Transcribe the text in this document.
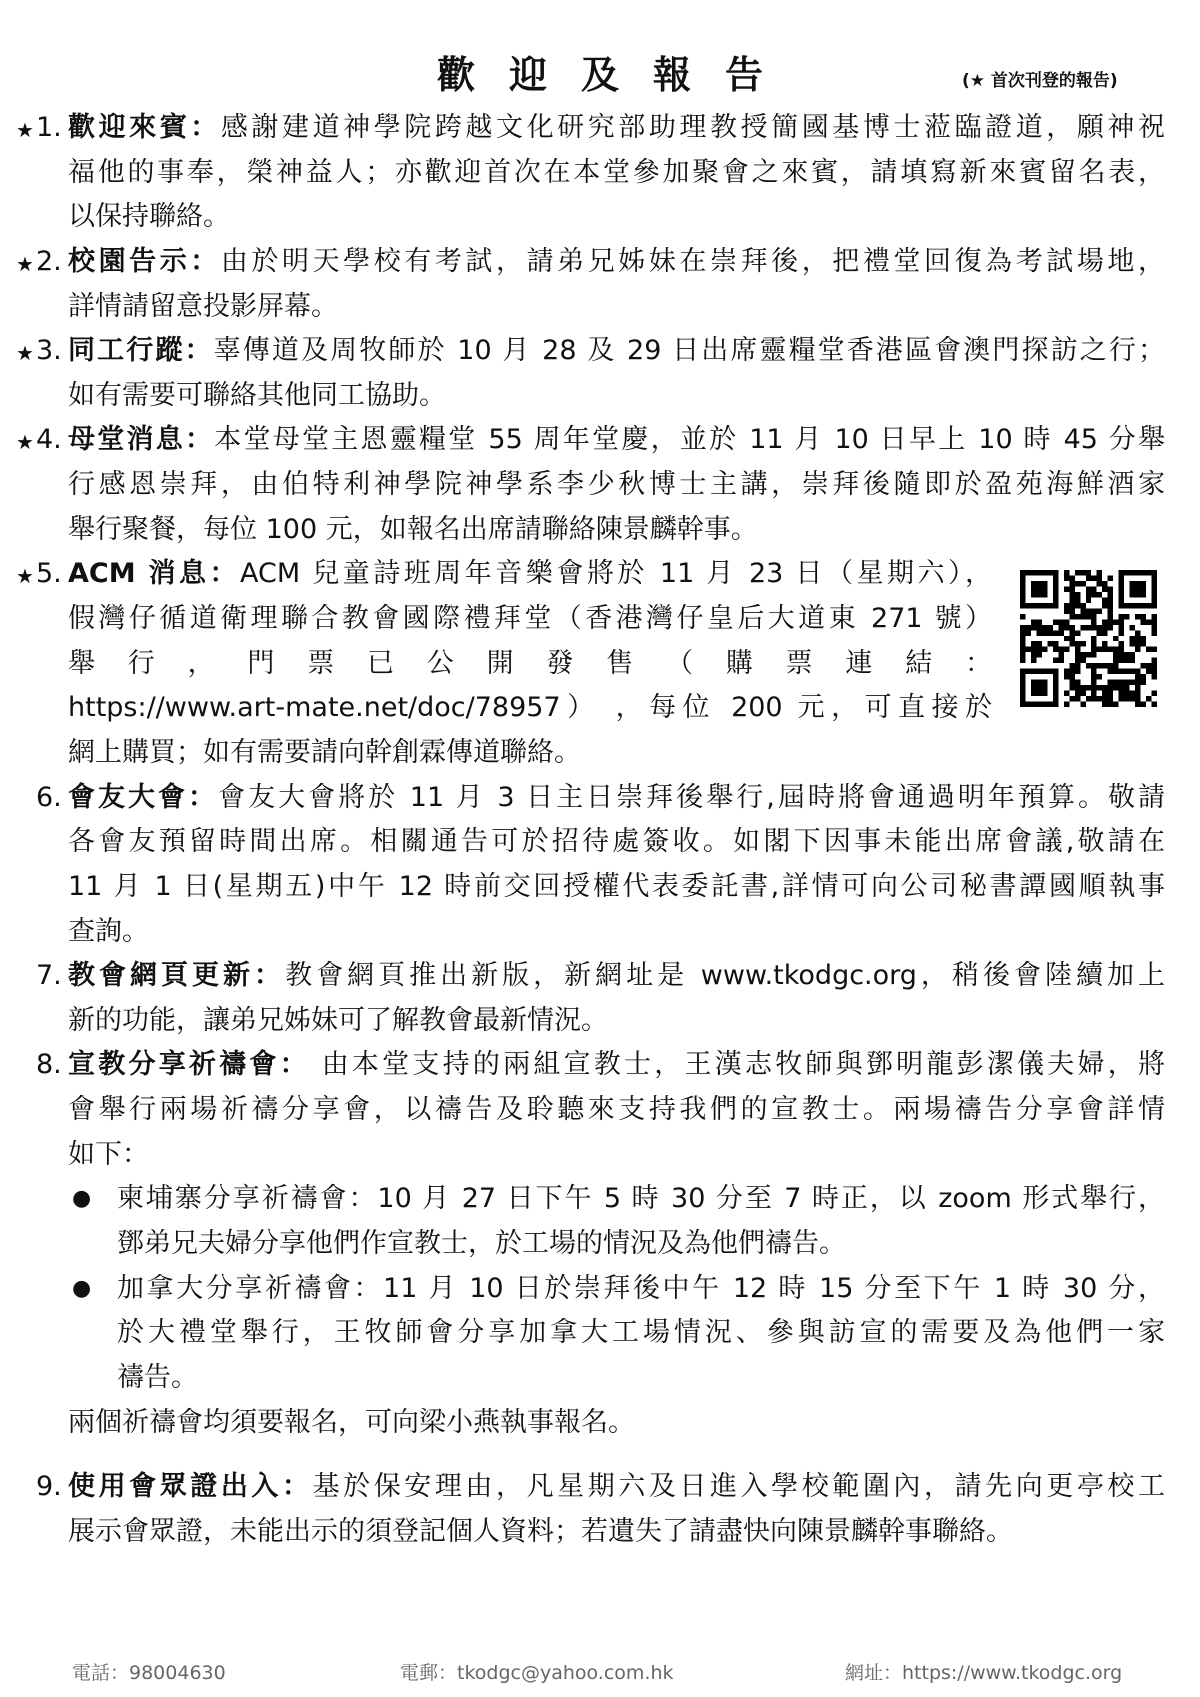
歡迎及報告	(★ 首次刊登的報告)
★ 1. 歡迎來賓：感謝建道神學院跨越文化研究部助理教授簡國基博士蒞臨證道，願神祝
福他的事奉，榮神益人；亦歡迎首次在本堂參加聚會之來賓，請填寫新來賓留名表，
以保持聯絡。
★ 2. 校園告示：由於明天學校有考試，請弟兄姊妹在崇拜後，把禮堂回復為考試場地，
詳情請留意投影屏幕。
★ 3. 同工行蹤：辜傳道及周牧師於 10 月 28 及 29 日出席靈糧堂香港區會澳門探訪之行；
如有需要可聯絡其他同工協助。
★ 4. 母堂消息：本堂母堂主恩靈糧堂 55 周年堂慶，並於 11 月 10 日早上 10 時 45 分舉
行感恩崇拜，由伯特利神學院神學系李少秋博士主講，崇拜後隨即於盈苑海鮮酒家
舉行聚餐，每位 100 元，如報名出席請聯絡陳景麟幹事。
★ 5. ACM 消息：ACM 兒童詩班周年音樂會將於 11 月 23 日（星期六），
假灣仔循道衛理聯合教會國際禮拜堂（香港灣仔皇后大道東 271 號）
舉 行 ， 門 票 已 公 開 發 售 （ 購 票 連 結 ：
https://www.art-mate.net/doc/78957） ，每位 200 元，可直接於
網上購買；如有需要請向幹創霖傳道聯絡。
6. 會友大會：會友大會將於 11 月 3 日主日崇拜後舉行,屆時將會通過明年預算。敬請
各會友預留時間出席。相關通告可於招待處簽收。如閣下因事未能出席會議,敬請在
11 月 1 日(星期五)中午 12 時前交回授權代表委託書,詳情可向公司秘書譚國順執事
查詢。
7. 教會網頁更新：教會網頁推出新版，新網址是 www.tkodgc.org，稍後會陸續加上
新的功能，讓弟兄姊妹可了解教會最新情況。
8. 宣教分享祈禱會： 由本堂支持的兩組宣教士，王漢志牧師與鄧明龍彭潔儀夫婦，將
會舉行兩場祈禱分享會，以禱告及聆聽來支持我們的宣教士。兩場禱告分享會詳情
如下：
● 柬埔寨分享祈禱會：10 月 27 日下午 5 時 30 分至 7 時正，以 zoom 形式舉行，
鄧弟兄夫婦分享他們作宣教士，於工場的情況及為他們禱告。
● 加拿大分享祈禱會：11 月 10 日於崇拜後中午 12 時 15 分至下午 1 時 30 分，
於大禮堂舉行，王牧師會分享加拿大工場情況、參與訪宣的需要及為他們一家
禱告。
兩個祈禱會均須要報名，可向梁小燕執事報名。
9. 使用會眾證出入：基於保安理由，凡星期六及日進入學校範圍內，請先向更亭校工
展示會眾證，未能出示的須登記個人資料；若遺失了請盡快向陳景麟幹事聯絡。
電話：98004630	電郵：tkodgc@yahoo.com.hk	網址：https://www.tkodgc.org
